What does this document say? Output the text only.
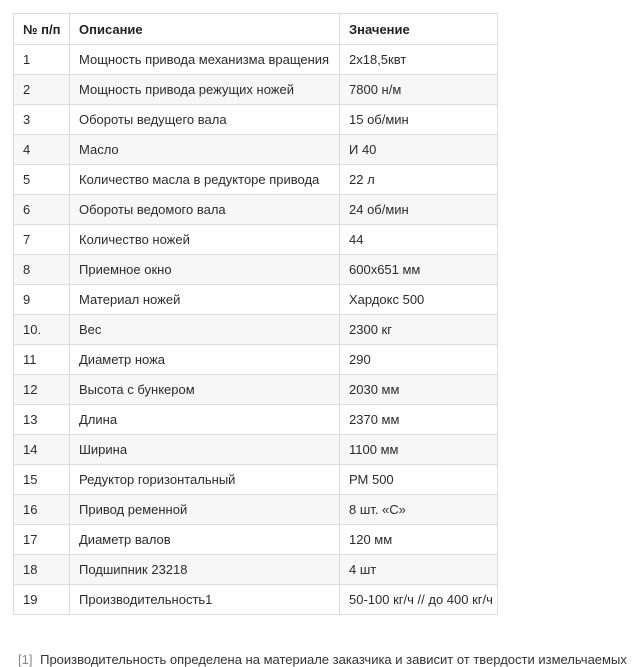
№ п/п	Описание	Значение
1	Мощность привода механизма вращения	2x18,5квт
2	Мощность привода режущих ножей	7800 н/м
3	Обороты ведущего вала	15 об/мин
4	Масло	И 40
5	Количество масла в редукторе привода	22 л
6	Обороты ведомого вала	24 об/мин
7	Количество ножей	44
8	Приемное окно	600x651 мм
9	Материал ножей	Хардокс 500
10.	Вес	2300 кг
11	Диаметр ножа	290
12	Высота с бункером	2030 мм
13	Длина	2370 мм
14	Ширина	1100 мм
15	Редуктор горизонтальный	РМ 500
16	Привод ременной	8 шт. «С»
17	Диаметр валов	120 мм
18	Подшипник 23218	4 шт
19	Производительность1	50-100 кг/ч // до 400 кг/ч
[1] Производительность определена на материале заказчика и зависит от твердости измельчаемых
